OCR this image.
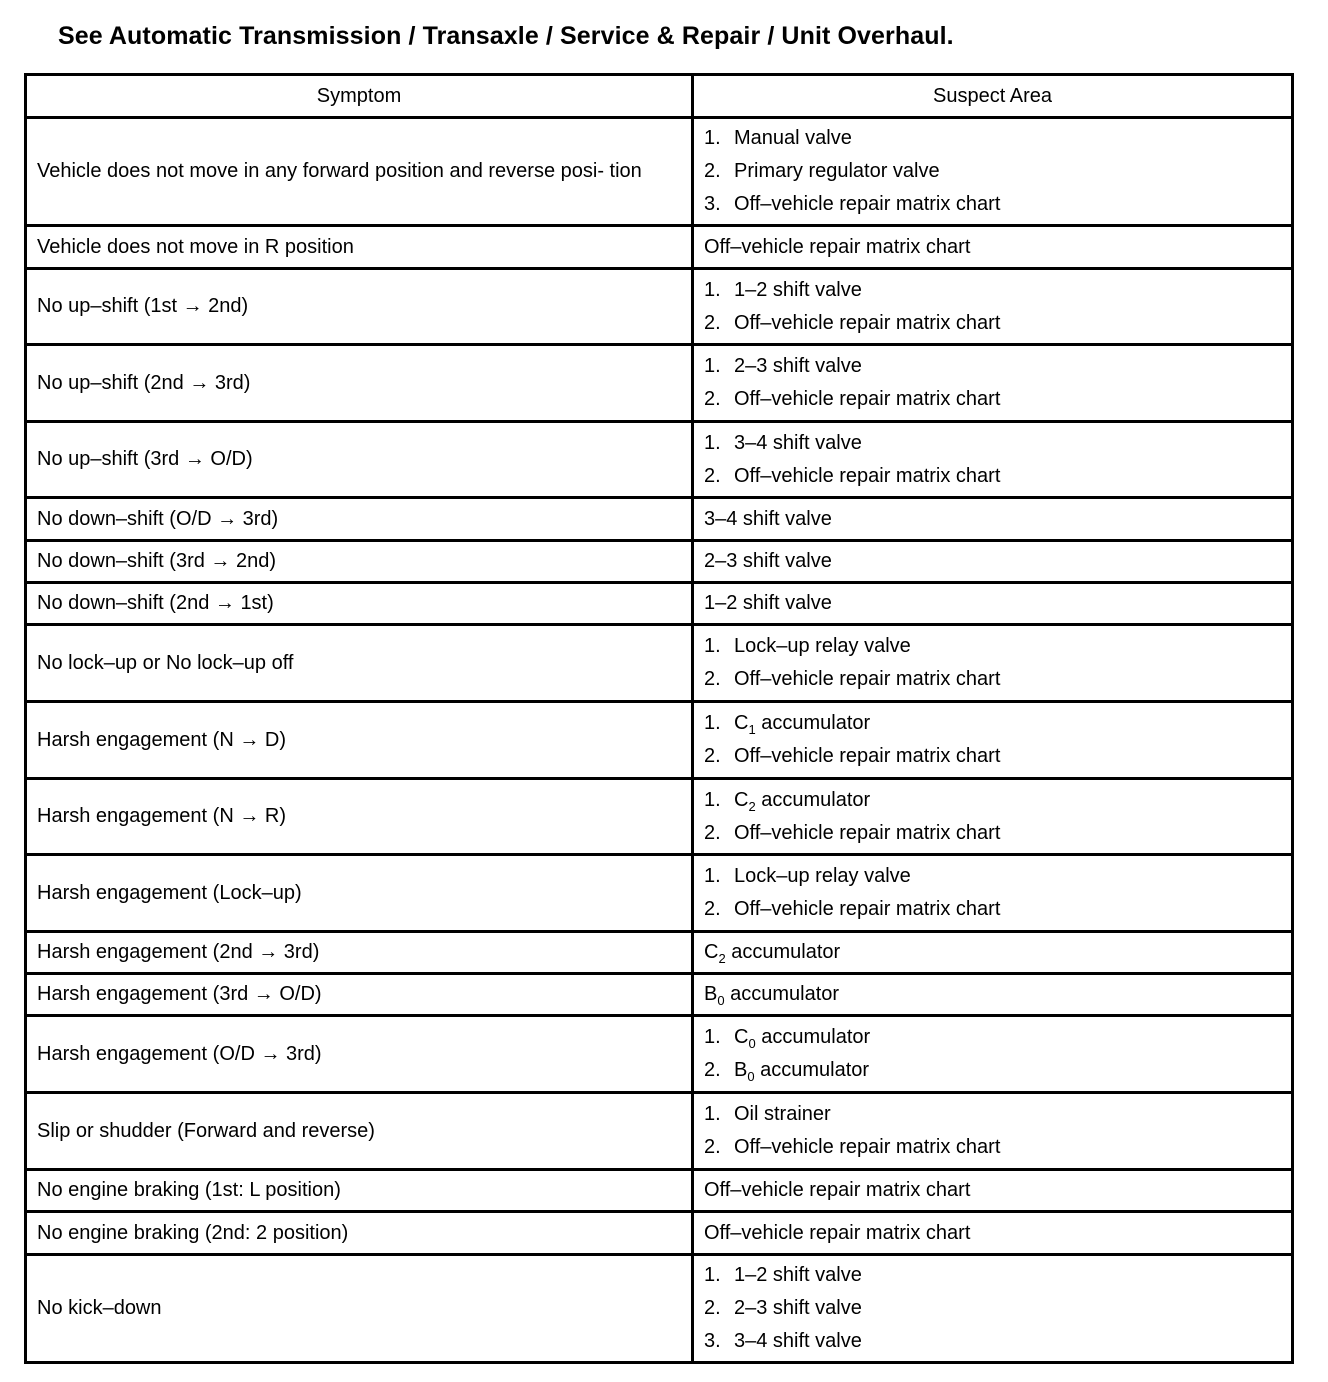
See Automatic Transmission / Transaxle / Service & Repair / Unit Overhaul.
Symptom	Suspect Area
Vehicle does not move in any forward position and reverse posi- tion	1. Manual valve
2. Primary regulator valve
3. Off–vehicle repair matrix chart

Vehicle does not move in R position	Off–vehicle repair matrix chart

No up–shift (1st → 2nd)	1. 1–2 shift valve
2. Off–vehicle repair matrix chart

No up–shift (2nd → 3rd)	1. 2–3 shift valve
2. Off–vehicle repair matrix chart

No up–shift (3rd → O/D)	1. 3–4 shift valve
2. Off–vehicle repair matrix chart

No down–shift (O/D → 3rd)	3–4 shift valve

No down–shift (3rd → 2nd)	2–3 shift valve

No down–shift (2nd → 1st)	1–2 shift valve

No lock–up or No lock–up off	1. Lock–up relay valve
2. Off–vehicle repair matrix chart

Harsh engagement (N → D)	1. $C_1$ accumulator
2. Off–vehicle repair matrix chart

Harsh engagement (N → R)	1. $C_2$ accumulator
2. Off–vehicle repair matrix chart

Harsh engagement (Lock–up)	1. Lock–up relay valve
2. Off–vehicle repair matrix chart

Harsh engagement (2nd → 3rd)	$C_2$ accumulator

Harsh engagement (3rd → O/D)	$B_0$ accumulator

Harsh engagement (O/D → 3rd)	1. $C_0$ accumulator
2. $B_0$ accumulator

Slip or shudder (Forward and reverse)	1. Oil strainer
2. Off–vehicle repair matrix chart

No engine braking (1st: L position)	Off–vehicle repair matrix chart

No engine braking (2nd: 2 position)	Off–vehicle repair matrix chart

No kick–down	1. 1–2 shift valve
2. 2–3 shift valve
3. 3–4 shift valve
